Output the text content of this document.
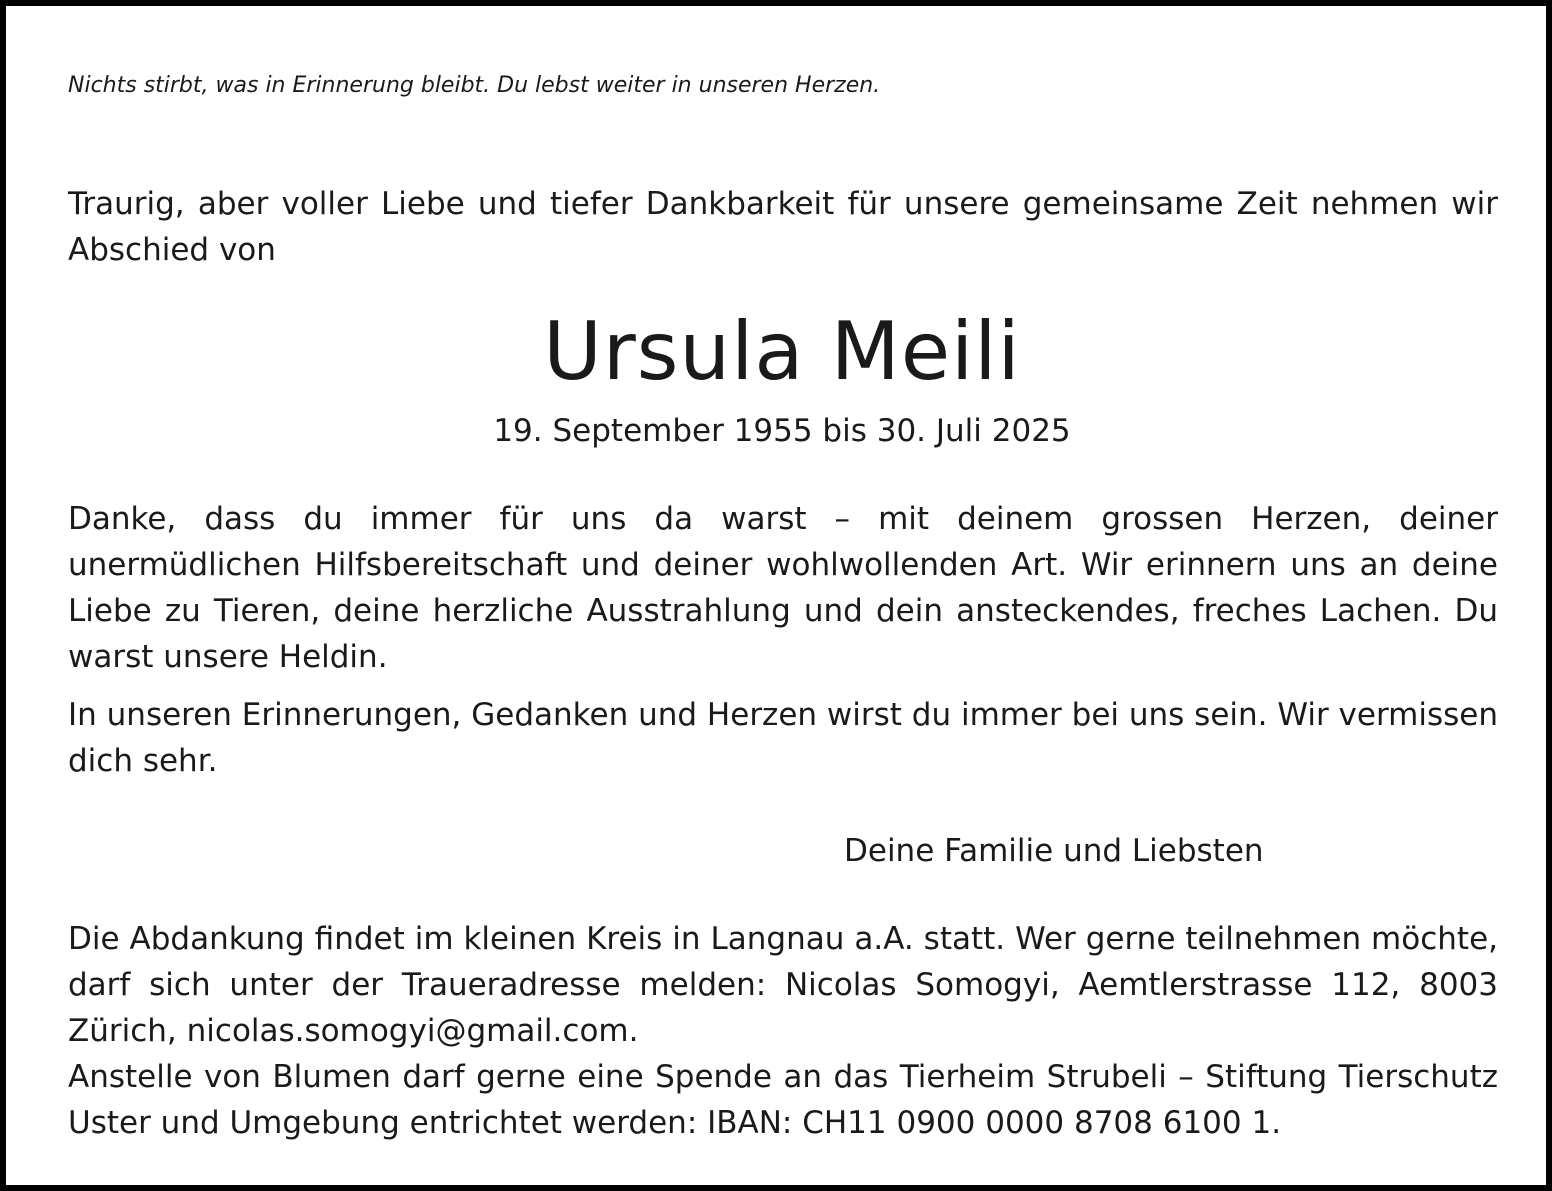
Nichts stirbt, was in Erinnerung bleibt. Du lebst weiter in unseren Herzen.

Traurig, aber voller Liebe und tiefer Dankbarkeit für unsere gemeinsame Zeit nehmen wir Abschied von

Ursula Meili

19. September 1955 bis 30. Juli 2025

Danke, dass du immer für uns da warst – mit deinem grossen Herzen, deiner unermüdlichen Hilfsbereitschaft und deiner wohlwollenden Art. Wir erinnern uns an deine Liebe zu Tieren, deine herzliche Ausstrahlung und dein ansteckendes, freches Lachen. Du warst unsere Heldin.

In unseren Erinnerungen, Gedanken und Herzen wirst du immer bei uns sein. Wir vermissen dich sehr.

Deine Familie und Liebsten

Die Abdankung findet im kleinen Kreis in Langnau a.A. statt. Wer gerne teilnehmen möchte, darf sich unter der Traueradresse melden: Nicolas Somogyi, Aemtlerstrasse 112, 8003 Zürich, nicolas.somogyi@gmail.com.

Anstelle von Blumen darf gerne eine Spende an das Tierheim Strubeli – Stiftung Tierschutz Uster und Umgebung entrichtet werden: IBAN: CH11 0900 0000 8708 6100 1.
